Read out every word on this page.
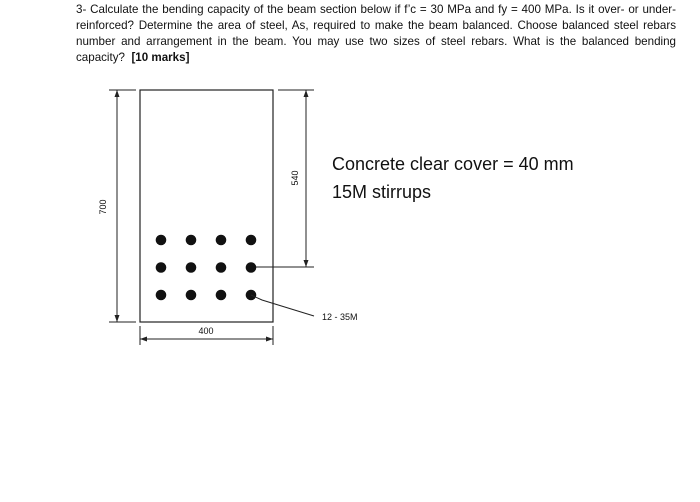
3- Calculate the bending capacity of the beam section below if f’c = 30 MPa and fy = 400 MPa. Is it over- or under-reinforced? Determine the area of steel, As, required to make the beam balanced. Choose balanced steel rebars number and arrangement in the beam. You may use two sizes of steel rebars. What is the balanced bending capacity? [10 marks]

700
540
400
12 - 35M
Concrete clear cover = 40 mm
15M stirrups
